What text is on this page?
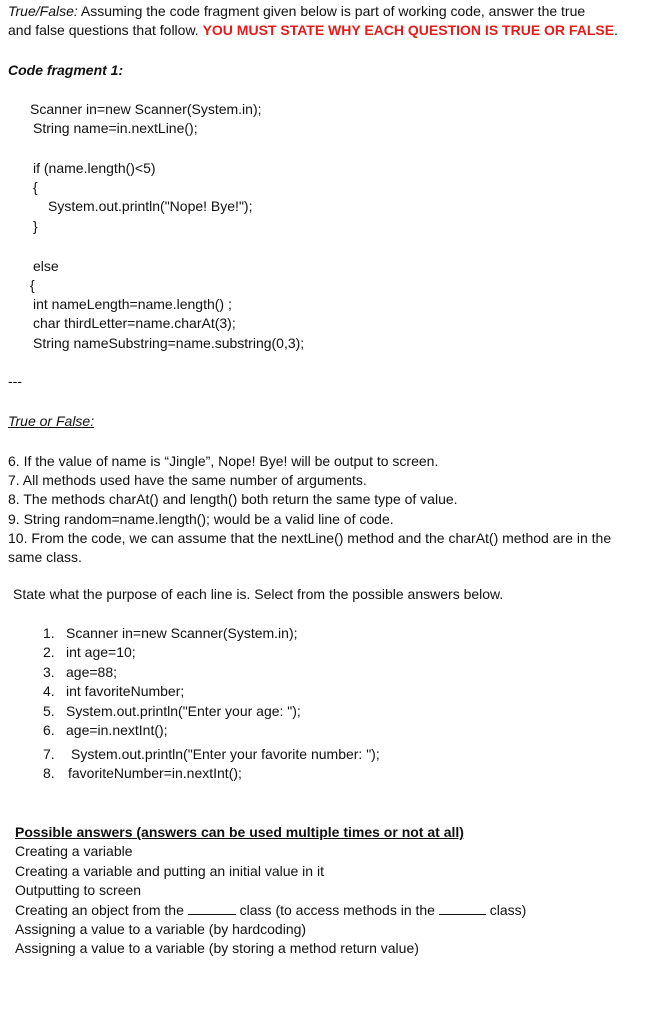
True/False: Assuming the code fragment given below is part of working code, answer the true
and false questions that follow. YOU MUST STATE WHY EACH QUESTION IS TRUE OR FALSE.
Code fragment 1:
Scanner in=new Scanner(System.in);
String name=in.nextLine();
if (name.length()<5)
{
System.out.println("Nope! Bye!");
}
else
{
int nameLength=name.length() ;
char thirdLetter=name.charAt(3);
String nameSubstring=name.substring(0,3);
---
True or False:
6. If the value of name is “Jingle”, Nope! Bye! will be output to screen.
7. All methods used have the same number of arguments.
8. The methods charAt() and length() both return the same type of value.
9. String random=name.length(); would be a valid line of code.
10. From the code, we can assume that the nextLine() method and the charAt() method are in the
same class.
State what the purpose of each line is. Select from the possible answers below.
1. Scanner in=new Scanner(System.in);
2. int age=10;
3. age=88;
4. int favoriteNumber;
5. System.out.println("Enter your age: ");
6. age=in.nextInt();
7. System.out.println("Enter your favorite number: ");
8. favoriteNumber=in.nextInt();
Possible answers (answers can be used multiple times or not at all)
Creating a variable
Creating a variable and putting an initial value in it
Outputting to screen
Creating an object from the	class (to access methods in the	class)
Assigning a value to a variable (by hardcoding)
Assigning a value to a variable (by storing a method return value)
